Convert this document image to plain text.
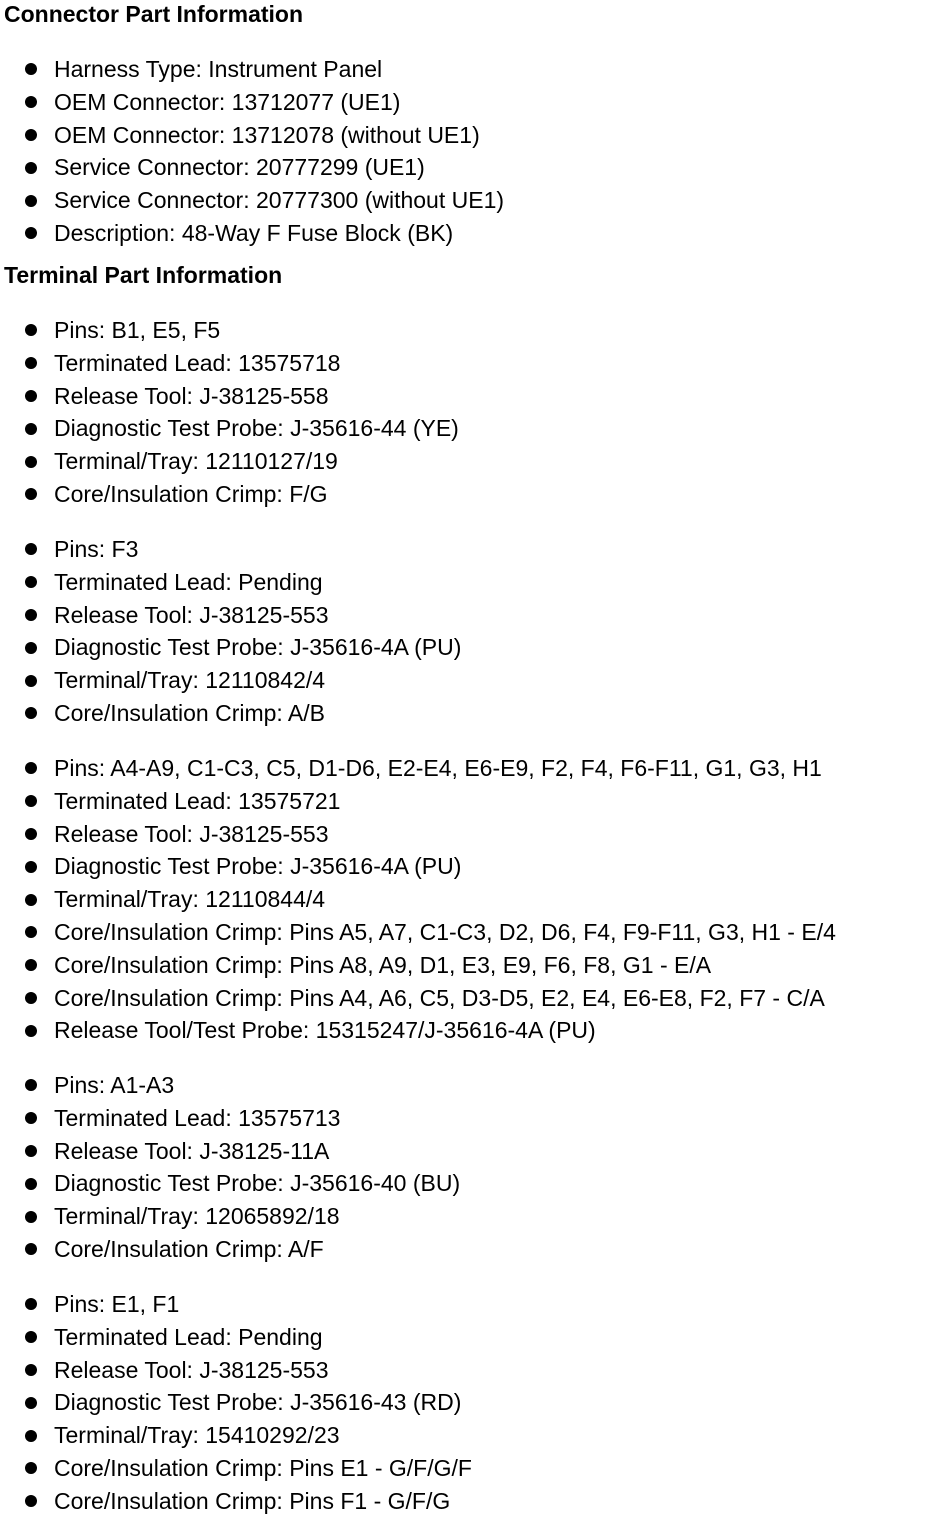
Connector Part Information
Harness Type: Instrument Panel
OEM Connector: 13712077 (UE1)
OEM Connector: 13712078 (without UE1)
Service Connector: 20777299 (UE1)
Service Connector: 20777300 (without UE1)
Description: 48-Way F Fuse Block (BK)
Terminal Part Information
Pins: B1, E5, F5
Terminated Lead: 13575718
Release Tool: J-38125-558
Diagnostic Test Probe: J-35616-44 (YE)
Terminal/Tray: 12110127/19
Core/Insulation Crimp: F/G
Pins: F3
Terminated Lead: Pending
Release Tool: J-38125-553
Diagnostic Test Probe: J-35616-4A (PU)
Terminal/Tray: 12110842/4
Core/Insulation Crimp: A/B
Pins: A4-A9, C1-C3, C5, D1-D6, E2-E4, E6-E9, F2, F4, F6-F11, G1, G3, H1
Terminated Lead: 13575721
Release Tool: J-38125-553
Diagnostic Test Probe: J-35616-4A (PU)
Terminal/Tray: 12110844/4
Core/Insulation Crimp: Pins A5, A7, C1-C3, D2, D6, F4, F9-F11, G3, H1 - E/4
Core/Insulation Crimp: Pins A8, A9, D1, E3, E9, F6, F8, G1 - E/A
Core/Insulation Crimp: Pins A4, A6, C5, D3-D5, E2, E4, E6-E8, F2, F7 - C/A
Release Tool/Test Probe: 15315247/J-35616-4A (PU)
Pins: A1-A3
Terminated Lead: 13575713
Release Tool: J-38125-11A
Diagnostic Test Probe: J-35616-40 (BU)
Terminal/Tray: 12065892/18
Core/Insulation Crimp: A/F
Pins: E1, F1
Terminated Lead: Pending
Release Tool: J-38125-553
Diagnostic Test Probe: J-35616-43 (RD)
Terminal/Tray: 15410292/23
Core/Insulation Crimp: Pins E1 - G/F/G/F
Core/Insulation Crimp: Pins F1 - G/F/G
